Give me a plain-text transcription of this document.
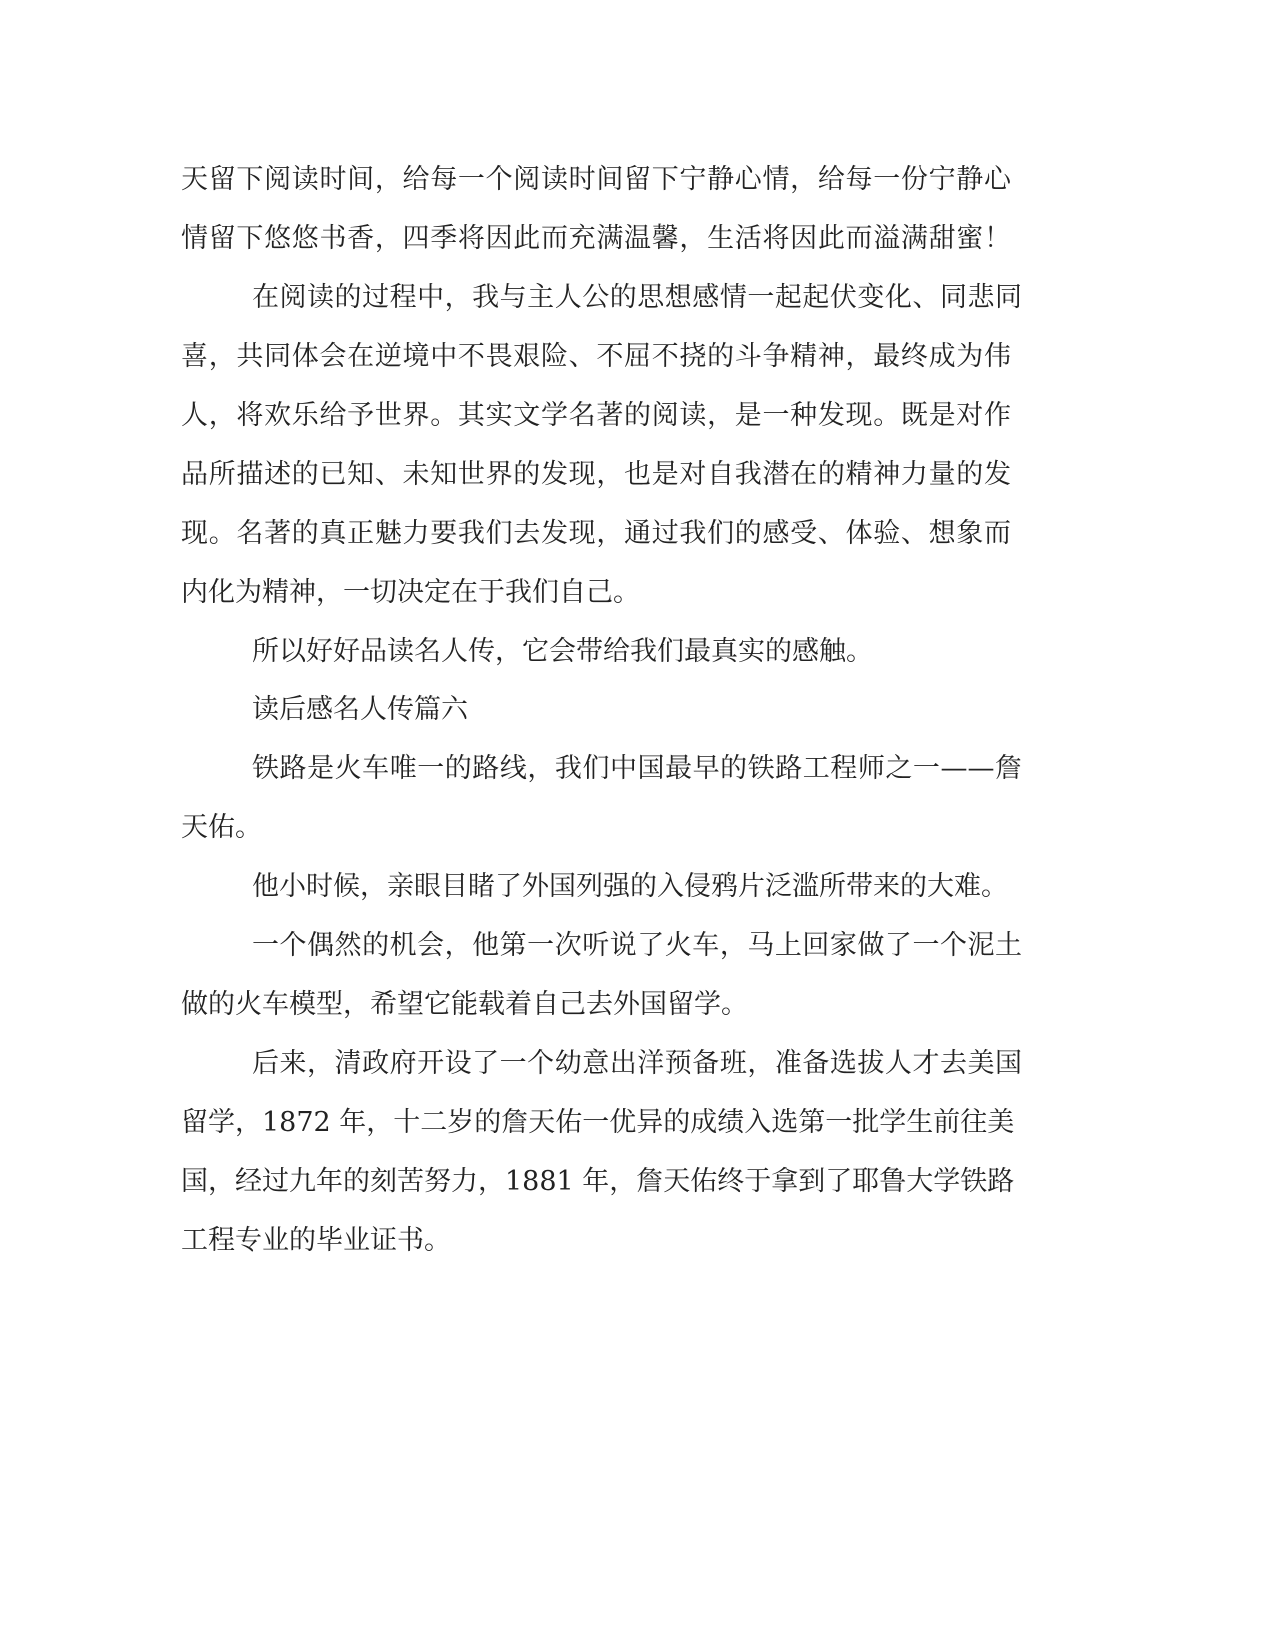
天留下阅读时间，给每一个阅读时间留下宁静心情，给每一份宁静心
情留下悠悠书香，四季将因此而充满温馨，生活将因此而溢满甜蜜！
在阅读的过程中，我与主人公的思想感情一起起伏变化、同悲同
喜，共同体会在逆境中不畏艰险、不屈不挠的斗争精神，最终成为伟
人，将欢乐给予世界。其实文学名著的阅读，是一种发现。既是对作
品所描述的已知、未知世界的发现，也是对自我潜在的精神力量的发
现。名著的真正魅力要我们去发现，通过我们的感受、体验、想象而
内化为精神，一切决定在于我们自己。
所以好好品读名人传，它会带给我们最真实的感触。
读后感名人传篇六
铁路是火车唯一的路线，我们中国最早的铁路工程师之一——詹
天佑。
他小时候，亲眼目睹了外国列强的入侵鸦片泛滥所带来的大难。
一个偶然的机会，他第一次听说了火车，马上回家做了一个泥土
做的火车模型，希望它能载着自己去外国留学。
后来，清政府开设了一个幼意出洋预备班，准备选拔人才去美国
留学，1872 年，十二岁的詹天佑一优异的成绩入选第一批学生前往美
国，经过九年的刻苦努力，1881 年，詹天佑终于拿到了耶鲁大学铁路
工程专业的毕业证书。
